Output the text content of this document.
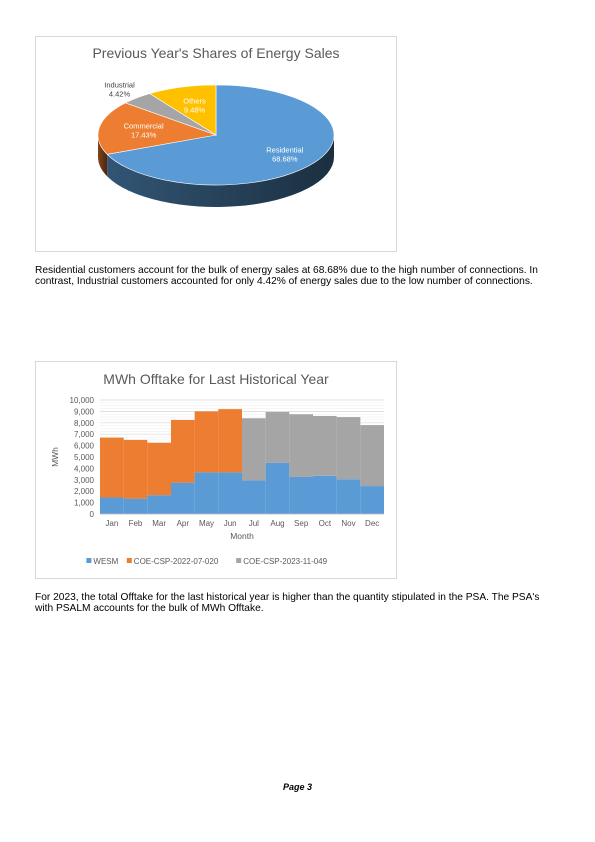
Previous Year's Shares of Energy Sales
Residential
68.68%
Commercial
17.43%
Industrial
4.42%
Others
9.48%

Residential customers account for the bulk of energy sales at 68.68% due to the high number of connections. In contrast, Industrial customers accounted for only 4.42% of energy sales due to the low number of connections.

MWh Offtake for Last Historical Year
0
1,000
2,000
3,000
4,000
5,000
6,000
7,000
8,000
9,000
10,000
Jan Feb Mar Apr May Jun Jul Aug Sep Oct Nov Dec
Month
MWh
WESM COE-CSP-2022-07-020	COE-CSP-2023-11-049

For 2023, the total Offtake for the last historical year is higher than the quantity stipulated in the PSA. The PSA's with PSALM accounts for the bulk of MWh Offtake.

Page 3
